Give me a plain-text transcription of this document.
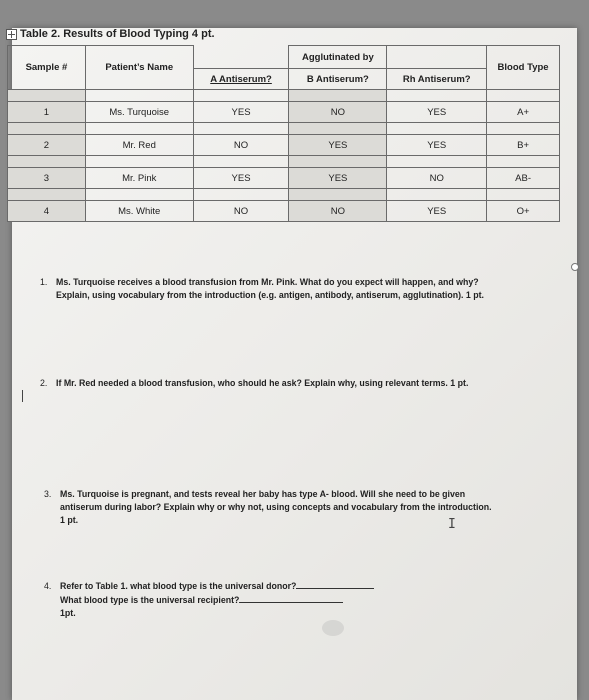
Table 2. Results of Blood Typing 4 pt.
Sample #	Patient’s Name		Agglutinated by		Blood Type
		A Antiserum?	B Antiserum?	Rh Antiserum?	

1	Ms. Turquoise	YES	NO	YES	A+

2	Mr. Red	NO	YES	YES	B+

3	Mr. Pink	YES	YES	NO	AB-

4	Ms. White	NO	NO	YES	O+
1. Ms. Turquoise receives a blood transfusion from Mr. Pink. What do you expect will happen, and why?
Explain, using vocabulary from the introduction (e.g. antigen, antibody, antiserum, agglutination). 1 pt.
2. If Mr. Red needed a blood transfusion, who should he ask? Explain why, using relevant terms. 1 pt.
3. Ms. Turquoise is pregnant, and tests reveal her baby has type A- blood. Will she need to be given
antiserum during labor? Explain why or why not, using concepts and vocabulary from the introduction.
1 pt.	I
4. Refer to Table 1. what blood type is the universal donor?
What blood type is the universal recipient?
1pt.
